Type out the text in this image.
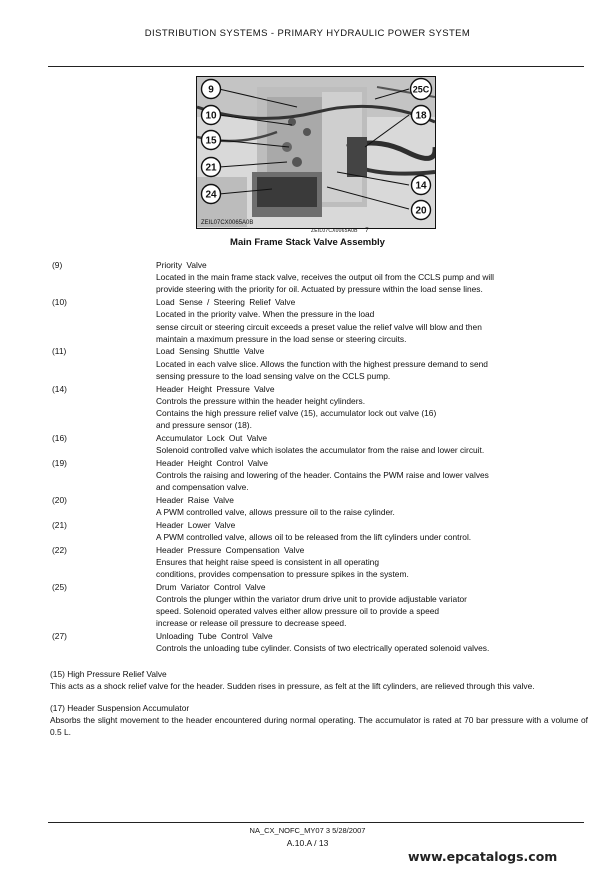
DISTRIBUTION SYSTEMS - PRIMARY HYDRAULIC POWER SYSTEM
9
10
15
21
24
25C
18
14
20
ZEIL07CX0065A0B
ZEIL07CX0065A0B 7
Main Frame Stack Valve Assembly
(9)	Priority Valve
Located in the main frame stack valve, receives the output oil from the CCLS pump and will
provide steering with the priority for oil. Actuated by pressure within the load sense lines.
(10)	Load Sense / Steering Relief Valve
Located in the priority valve. When the pressure in the load
sense circuit or steering circuit exceeds a preset value the relief valve will blow and then
maintain a maximum pressure in the load sense or steering circuits.
(11)	Load Sensing Shuttle Valve
Located in each valve slice. Allows the function with the highest pressure demand to send
sensing pressure to the load sensing valve on the CCLS pump.
(14)	Header Height Pressure Valve
Controls the pressure within the header height cylinders.
Contains the high pressure relief valve (15), accumulator lock out valve (16)
and pressure sensor (18).
(16)	Accumulator Lock Out Valve
Solenoid controlled valve which isolates the accumulator from the raise and lower circuit.
(19)	Header Height Control Valve
Controls the raising and lowering of the header. Contains the PWM raise and lower valves
and compensation valve.
(20)	Header Raise Valve
A PWM controlled valve, allows pressure oil to the raise cylinder.
(21)	Header Lower Valve
A PWM controlled valve, allows oil to be released from the lift cylinders under control.
(22)	Header Pressure Compensation Valve
Ensures that height raise speed is consistent in all operating
conditions, provides compensation to pressure spikes in the system.
(25)	Drum Variator Control Valve
Controls the plunger within the variator drum drive unit to provide adjustable variator
speed. Solenoid operated valves either allow pressure oil to provide a speed
increase or release oil pressure to decrease speed.
(27)	Unloading Tube Control Valve
Controls the unloading tube cylinder. Consists of two electrically operated solenoid valves.
(15) High Pressure Relief Valve
This acts as a shock relief valve for the header. Sudden rises in pressure, as felt at the lift cylinders, are relieved through this valve.
(17) Header Suspension Accumulator
Absorbs the slight movement to the header encountered during normal operating. The accumulator is rated at 70 bar pressure with a volume of 0.5 L.
NA_CX_NOFC_MY07 3 5/28/2007
A.10.A / 13
www.epcatalogs.com
